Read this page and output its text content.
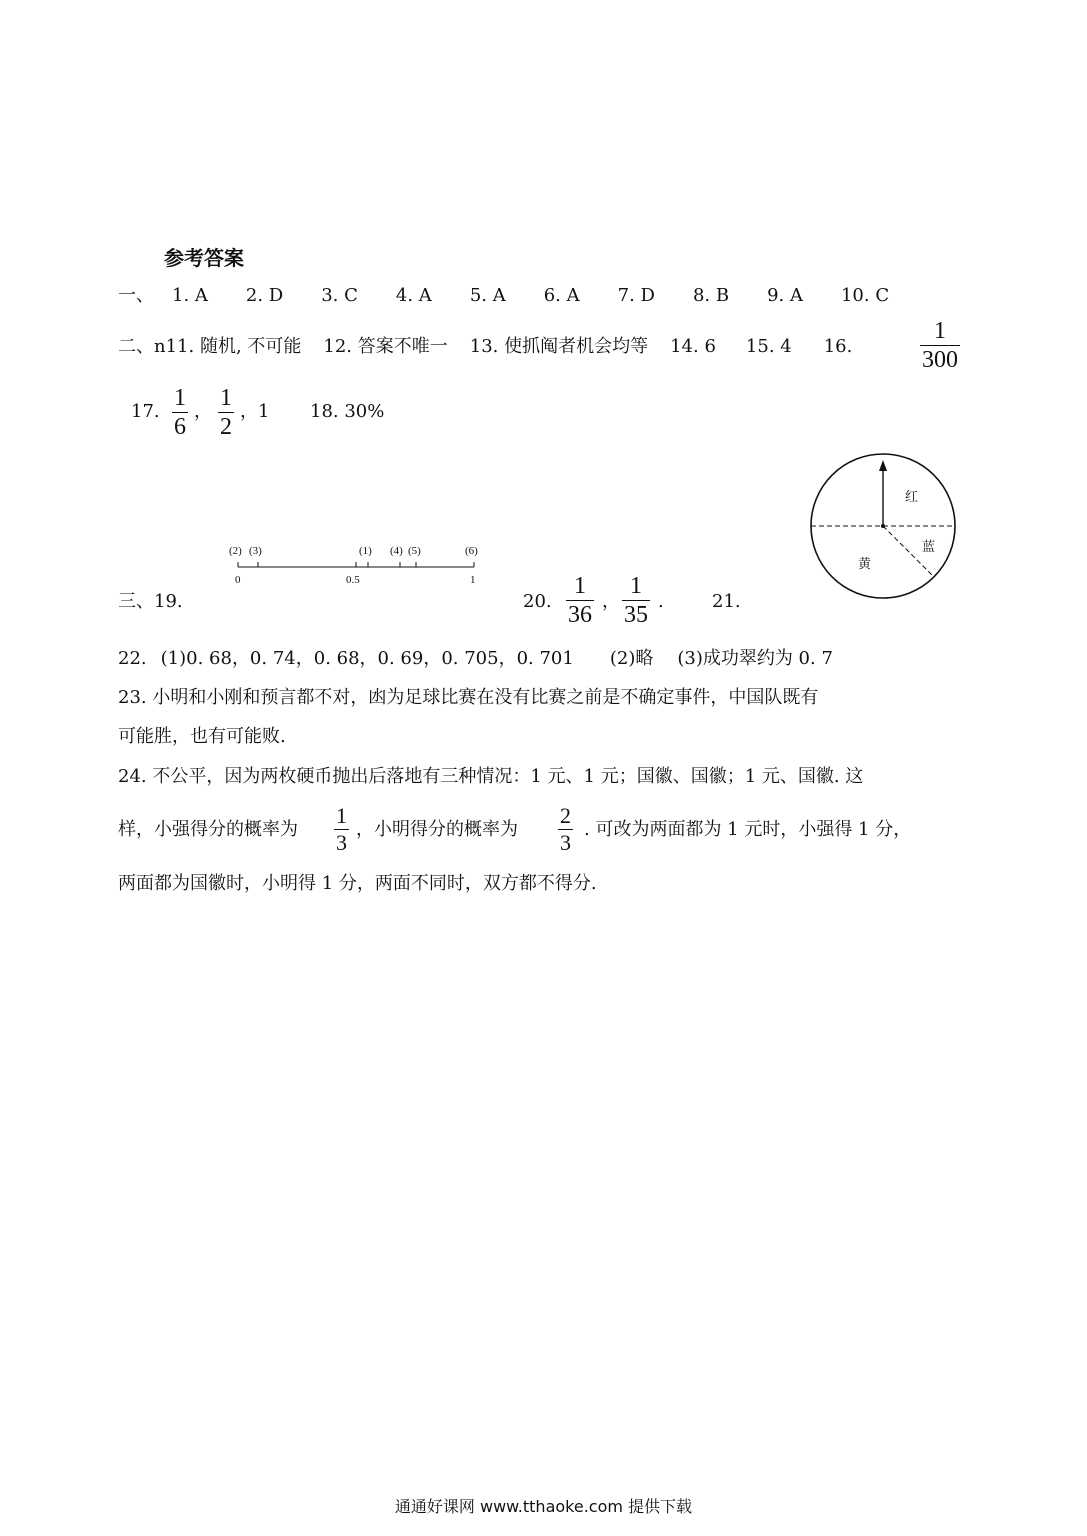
参考答案
一、 1. A 2. D 3. C 4. A 5. A 6. A 7. D 8. B 9. A 10. C
二、n11. 随机, 不可能 12. 答案不唯一 13. 使抓阄者机会均等 14. 6 15. 4 16.	$\frac{1}{300}$
17. $\frac{1}{6}$ ， $\frac{1}{2}$ ，1 18. 30%
(2) (3)	(1) (4) (5)	(6)
0	0.5	1
三、19.	20. $\frac{1}{36}$ ， $\frac{1}{35}$ .	21.
红
蓝
黄
22. (1)0. 68，0. 74，0. 68，0. 69，0. 705，0. 701 (2)略 (3)成功翠约为 0. 7
23. 小明和小刚和预言都不对，凼为足球比赛在没有比赛之前是不确定事件，中国队既有
可能胜，也有可能败.
24. 不公平，因为两枚硬币抛出后落地有三种情况：1 元、1 元；国徽、国徽；1 元、国徽. 这
样，小强得分的概率为 $\frac{1}{3}$ ，小明得分的概率为 $\frac{2}{3}$ . 可改为两面都为 1 元时，小强得 1 分，
两面都为国徽时，小明得 1 分，两面不同时，双方都不得分.
通通好课网 www.tthaoke.com 提供下载
